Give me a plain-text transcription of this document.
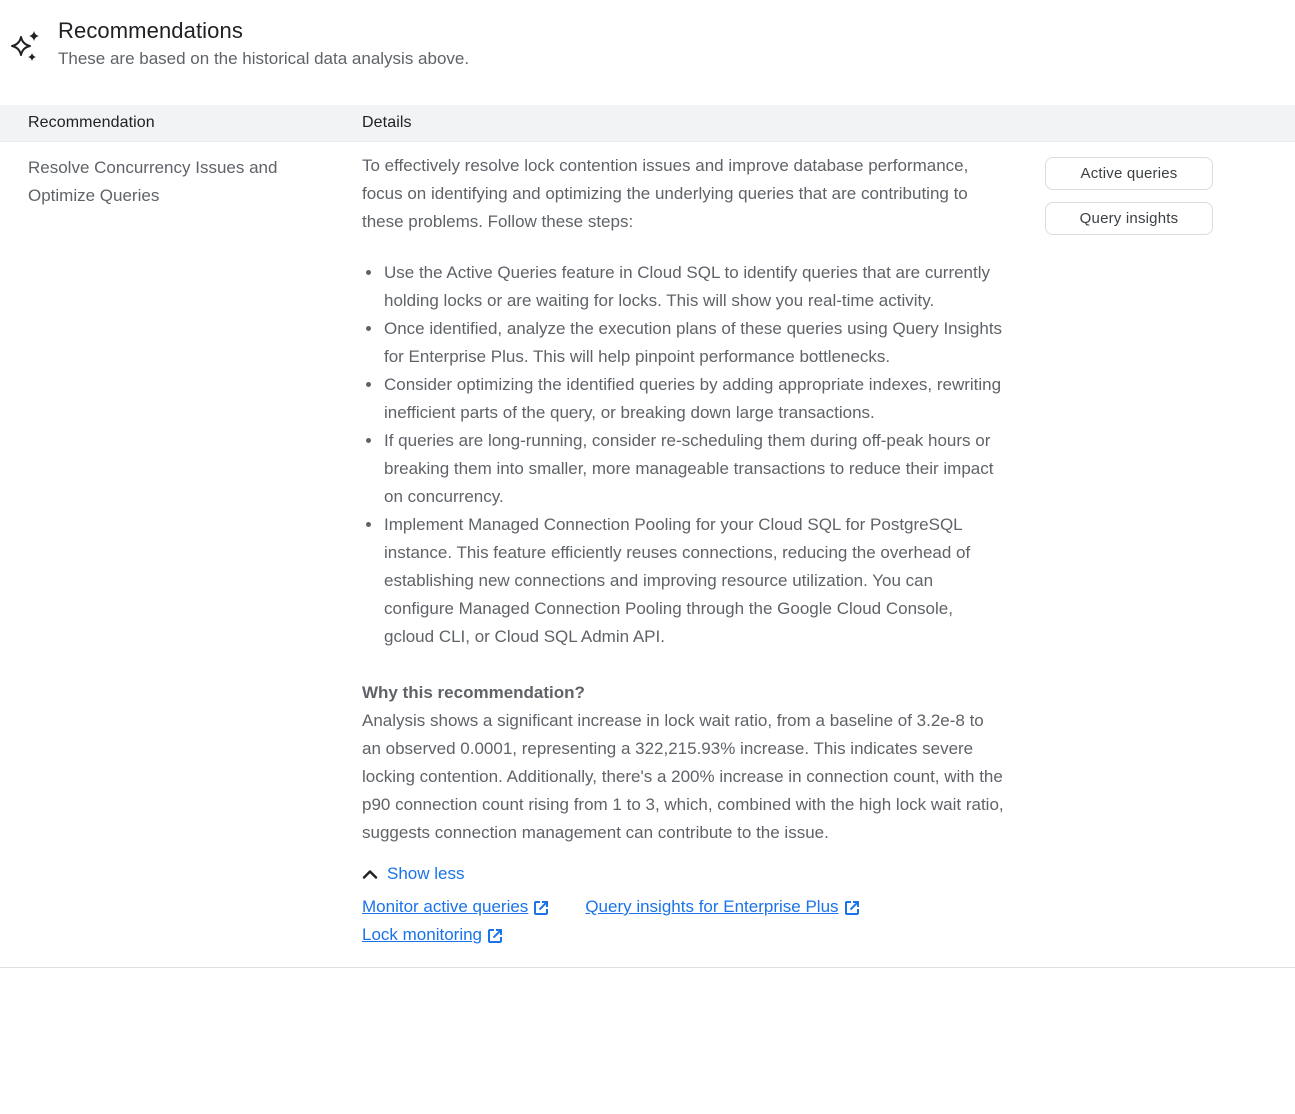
Recommendations
These are based on the historical data analysis above.
Recommendation	Details
Resolve Concurrency Issues and Optimize Queries

To effectively resolve lock contention issues and improve database performance, focus on identifying and optimizing the underlying queries that are contributing to these problems. Follow these steps:

• Use the Active Queries feature in Cloud SQL to identify queries that are currently holding locks or are waiting for locks. This will show you real-time activity.
• Once identified, analyze the execution plans of these queries using Query Insights for Enterprise Plus. This will help pinpoint performance bottlenecks.
• Consider optimizing the identified queries by adding appropriate indexes, rewriting inefficient parts of the query, or breaking down large transactions.
• If queries are long-running, consider re-scheduling them during off-peak hours or breaking them into smaller, more manageable transactions to reduce their impact on concurrency.
• Implement Managed Connection Pooling for your Cloud SQL for PostgreSQL instance. This feature efficiently reuses connections, reducing the overhead of establishing new connections and improving resource utilization. You can configure Managed Connection Pooling through the Google Cloud Console, gcloud CLI, or Cloud SQL Admin API.

Why this recommendation?

Analysis shows a significant increase in lock wait ratio, from a baseline of 3.2e-8 to an observed 0.0001, representing a 322,215.93% increase. This indicates severe locking contention. Additionally, there's a 200% increase in connection count, with the p90 connection count rising from 1 to 3, which, combined with the high lock wait ratio, suggests connection management can contribute to the issue.

Show less
Monitor active queries	Query insights for Enterprise Plus
Lock monitoring
Active queries
Query insights
